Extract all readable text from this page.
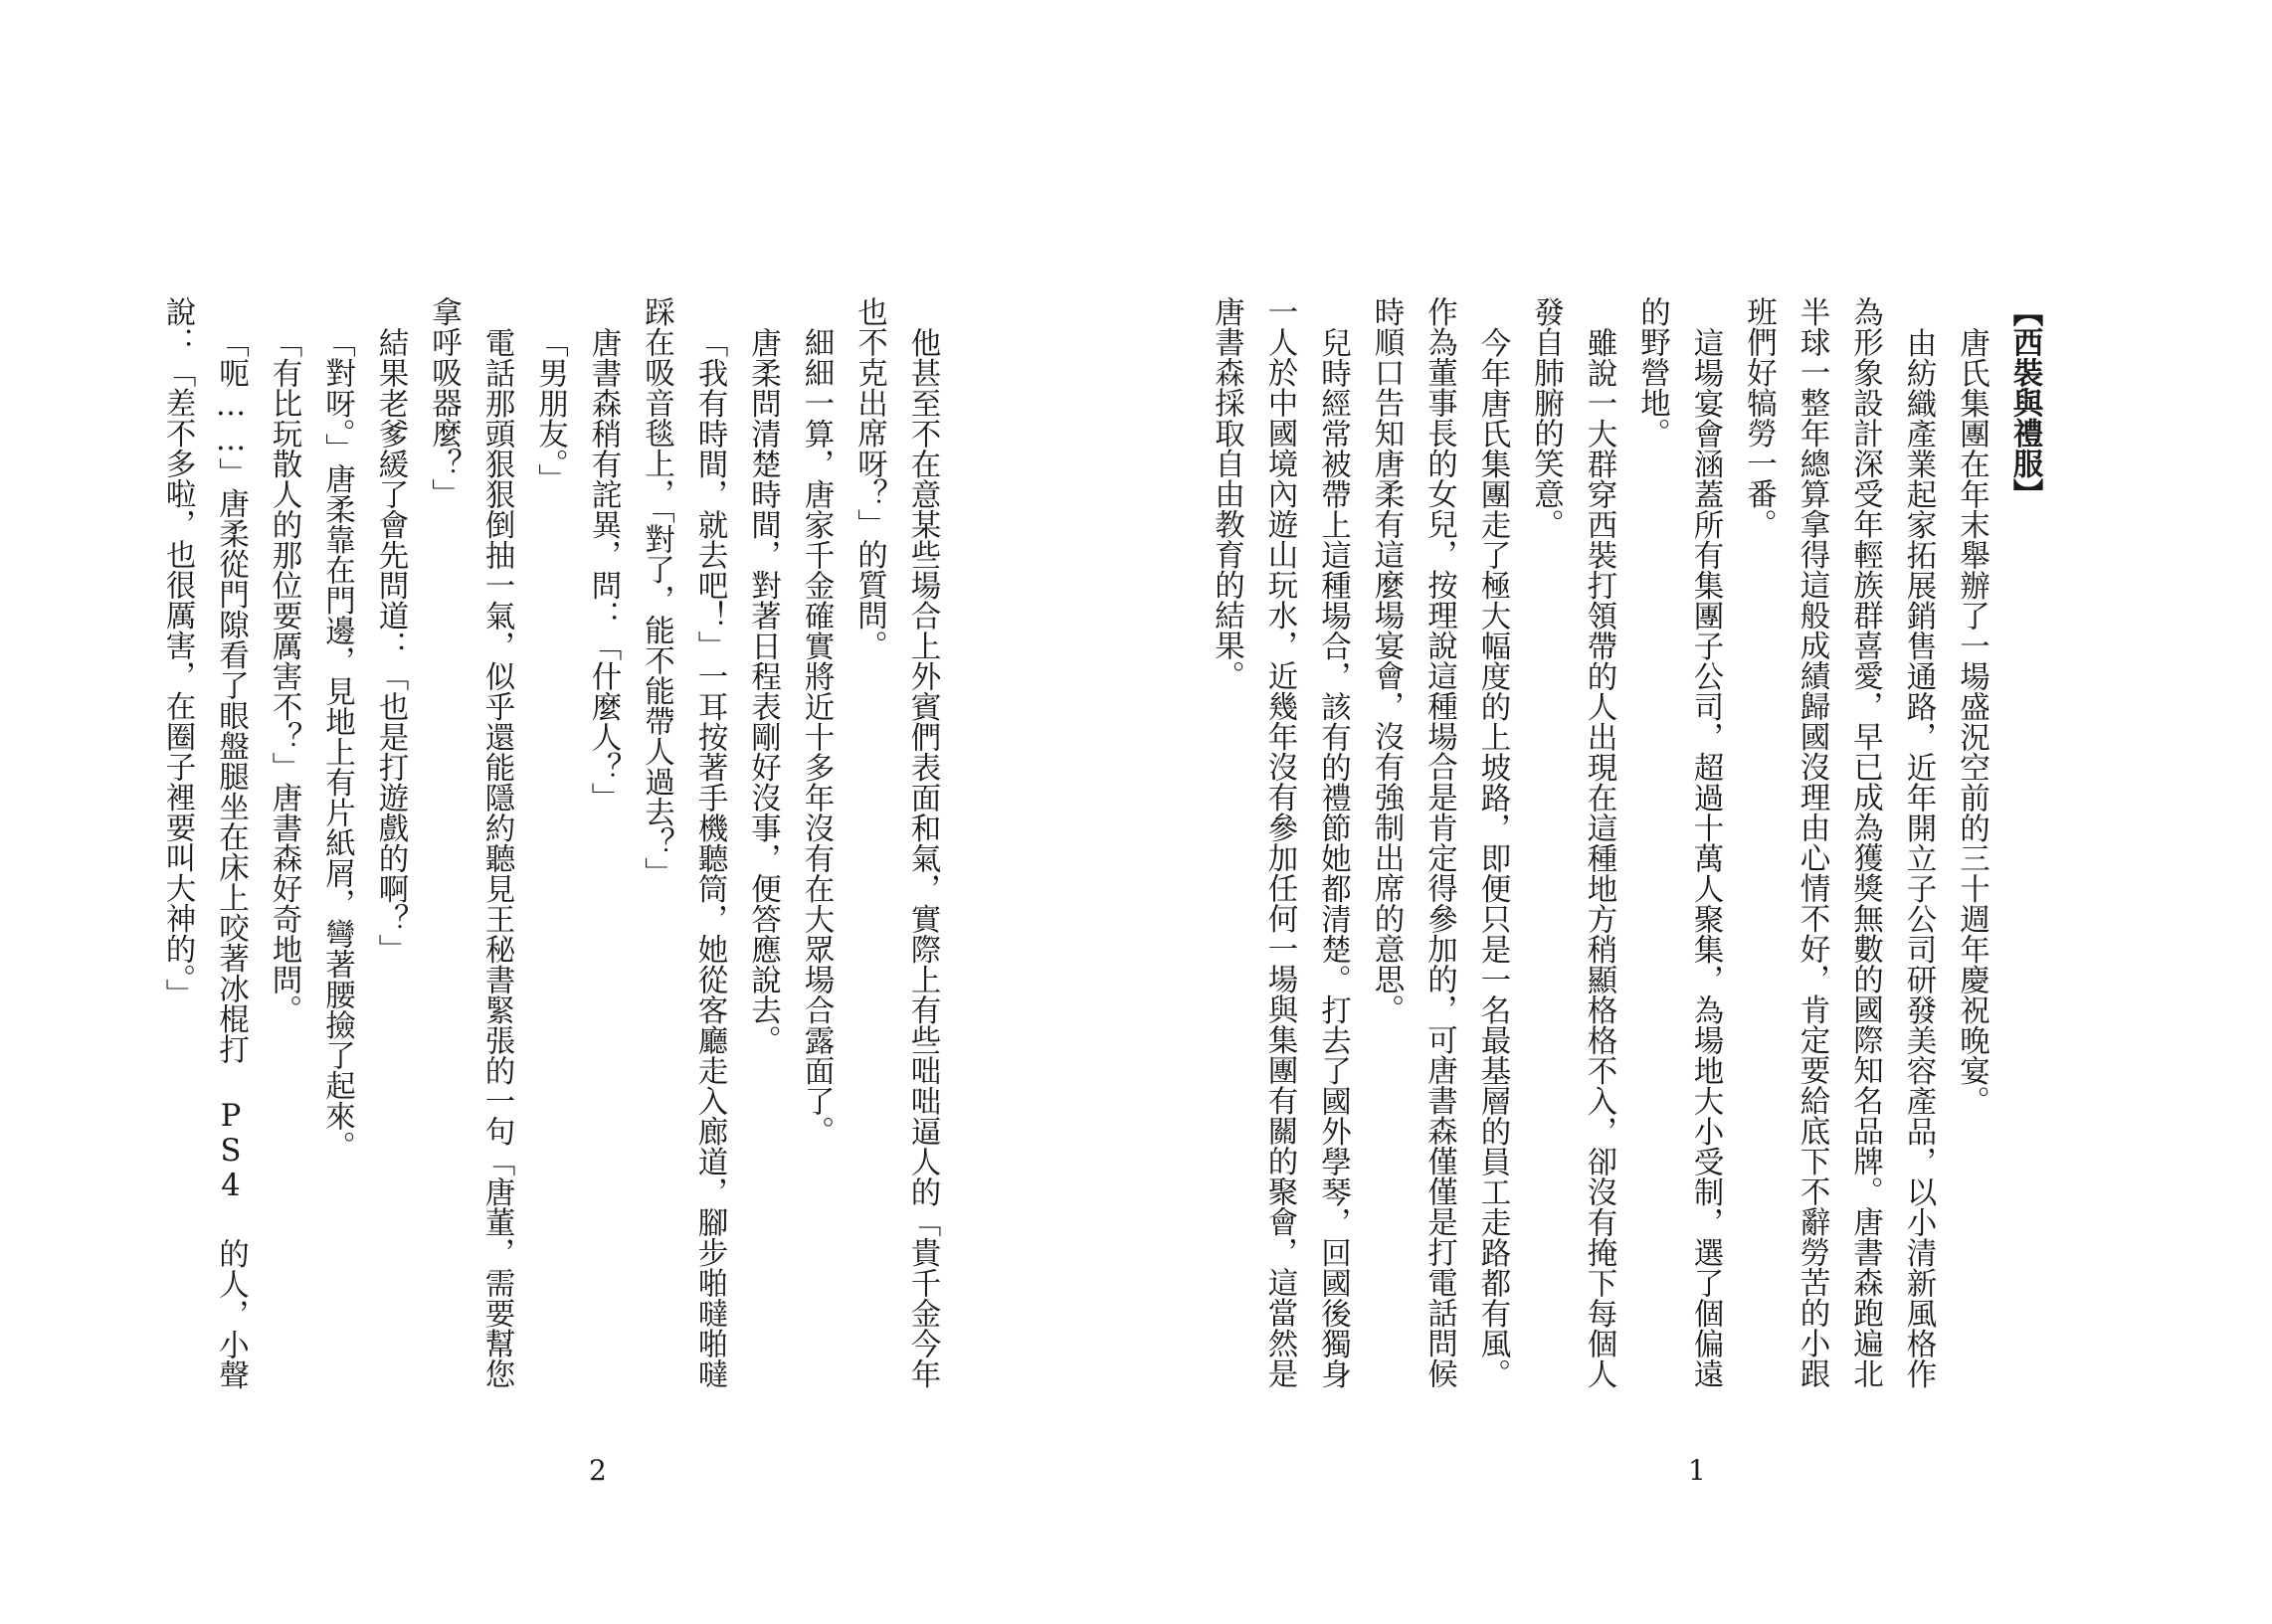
【西裝與禮服】
唐氏集團在年末舉辦了一場盛況空前的三十週年慶祝晚宴。
由紡織產業起家拓展銷售通路，近年開立子公司研發美容產品，以小清新風格作為形象設計深受年輕族群喜愛，早已成為獲獎無數的國際知名品牌。唐書森跑遍北半球一整年總算拿得這般成績歸國沒理由心情不好，肯定要給底下不辭勞苦的小跟班們好犒勞一番。
這場宴會涵蓋所有集團子公司，超過十萬人聚集，為場地大小受制，選了個偏遠的野營地。
雖說一大群穿西裝打領帶的人出現在這種地方稍顯格格不入，卻沒有掩下每個人發自肺腑的笑意。
今年唐氏集團走了極大幅度的上坡路，即便只是一名最基層的員工走路都有風。作為董事長的女兒，按理說這種場合是肯定得參加的，可唐書森僅僅是打電話問候時順口告知唐柔有這麼場宴會，沒有強制出席的意思。
兒時經常被帶上這種場合，該有的禮節她都清楚。打去了國外學琴，回國後獨身一人於中國境內遊山玩水，近幾年沒有參加任何一場與集團有關的聚會，這當然是唐書森採取自由教育的結果。
1
他甚至不在意某些場合上外賓們表面和氣，實際上有些咄咄逼人的「貴千金今年也不克出席呀？」的質問。
細細一算，唐家千金確實將近十多年沒有在大眾場合露面了。
唐柔問清楚時間，對著日程表剛好沒事，便答應說去。
「我有時間，就去吧！」一耳按著手機聽筒，她從客廳走入廊道，腳步啪噠啪噠踩在吸音毯上，「對了，能不能帶人過去？」
唐書森稍有詫異，問：「什麼人？」
「男朋友。」
電話那頭狠狠倒抽一氣，似乎還能隱約聽見王秘書緊張的一句「唐董，需要幫您拿呼吸器麼？」
結果老爹緩了會先問道：「也是打遊戲的啊？」
「對呀。」唐柔靠在門邊，見地上有片紙屑，彎著腰撿了起來。
「有比玩散人的那位要厲害不？」唐書森好奇地問。
「呃……」唐柔從門隙看了眼盤腿坐在床上咬著冰棍打 PS4 的人，小聲說：「差不多啦，也很厲害，在圈子裡要叫大神的。」
2
